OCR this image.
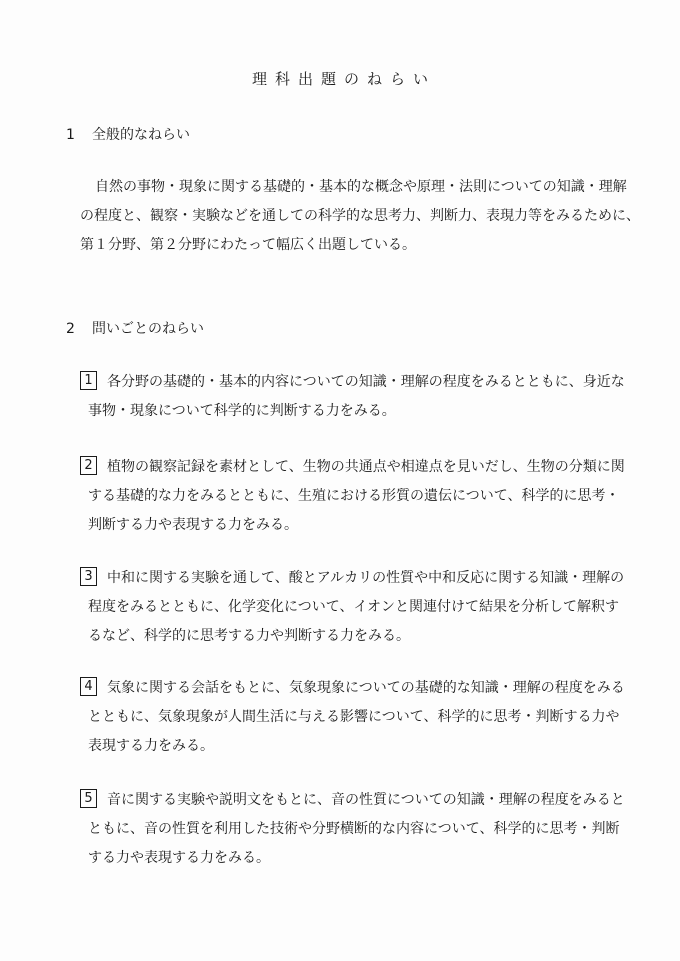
理科出題のねらい
1 全般的なねらい
自然の事物・現象に関する基礎的・基本的な概念や原理・法則についての知識・理解
の程度と、観察・実験などを通しての科学的な思考力、判断力、表現力等をみるために、
第１分野、第２分野にわたって幅広く出題している。
2 問いごとのねらい
1 各分野の基礎的・基本的内容についての知識・理解の程度をみるとともに、身近な
事物・現象について科学的に判断する力をみる。
2 植物の観察記録を素材として、生物の共通点や相違点を見いだし、生物の分類に関
する基礎的な力をみるとともに、生殖における形質の遺伝について、科学的に思考・
判断する力や表現する力をみる。
3 中和に関する実験を通して、酸とアルカリの性質や中和反応に関する知識・理解の
程度をみるとともに、化学変化について、イオンと関連付けて結果を分析して解釈す
るなど、科学的に思考する力や判断する力をみる。
4 気象に関する会話をもとに、気象現象についての基礎的な知識・理解の程度をみる
とともに、気象現象が人間生活に与える影響について、科学的に思考・判断する力や
表現する力をみる。
5 音に関する実験や説明文をもとに、音の性質についての知識・理解の程度をみると
ともに、音の性質を利用した技術や分野横断的な内容について、科学的に思考・判断
する力や表現する力をみる。
